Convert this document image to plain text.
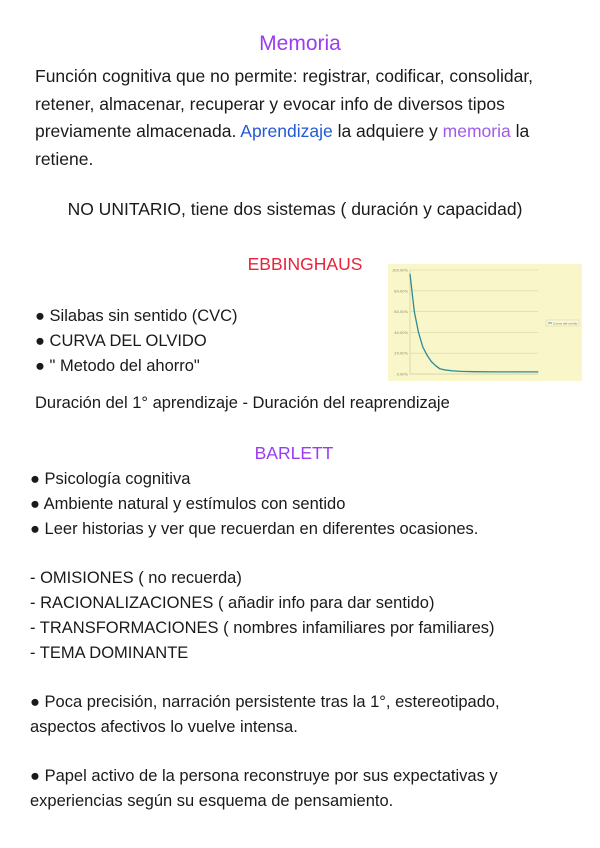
Memoria
Función cognitiva que no permite: registrar, codificar, consolidar, retener, almacenar, recuperar y evocar info de diversos tipos previamente almacenada. Aprendizaje la adquiere y memoria la retiene.
NO UNITARIO, tiene dos sistemas ( duración y capacidad)
EBBINGHAUS
● Silabas sin sentido (CVC)
● CURVA DEL OLVIDO
● " Metodo del ahorro"
100.00%
80.00%
60.00%
40.00%
20.00%
0.00%
Curva del olvido
Duración del 1° aprendizaje - Duración del reaprendizaje
BARLETT
● Psicología cognitiva
● Ambiente natural y estímulos con sentido
● Leer historias y ver que recuerdan en diferentes ocasiones.
- OMISIONES ( no recuerda)
- RACIONALIZACIONES ( añadir info para dar sentido)
- TRANSFORMACIONES ( nombres infamiliares por familiares)
- TEMA DOMINANTE
● Poca precisión, narración persistente tras la 1°, estereotipado, aspectos afectivos lo vuelve intensa.
● Papel activo de la persona reconstruye por sus expectativas y experiencias según su esquema de pensamiento.
